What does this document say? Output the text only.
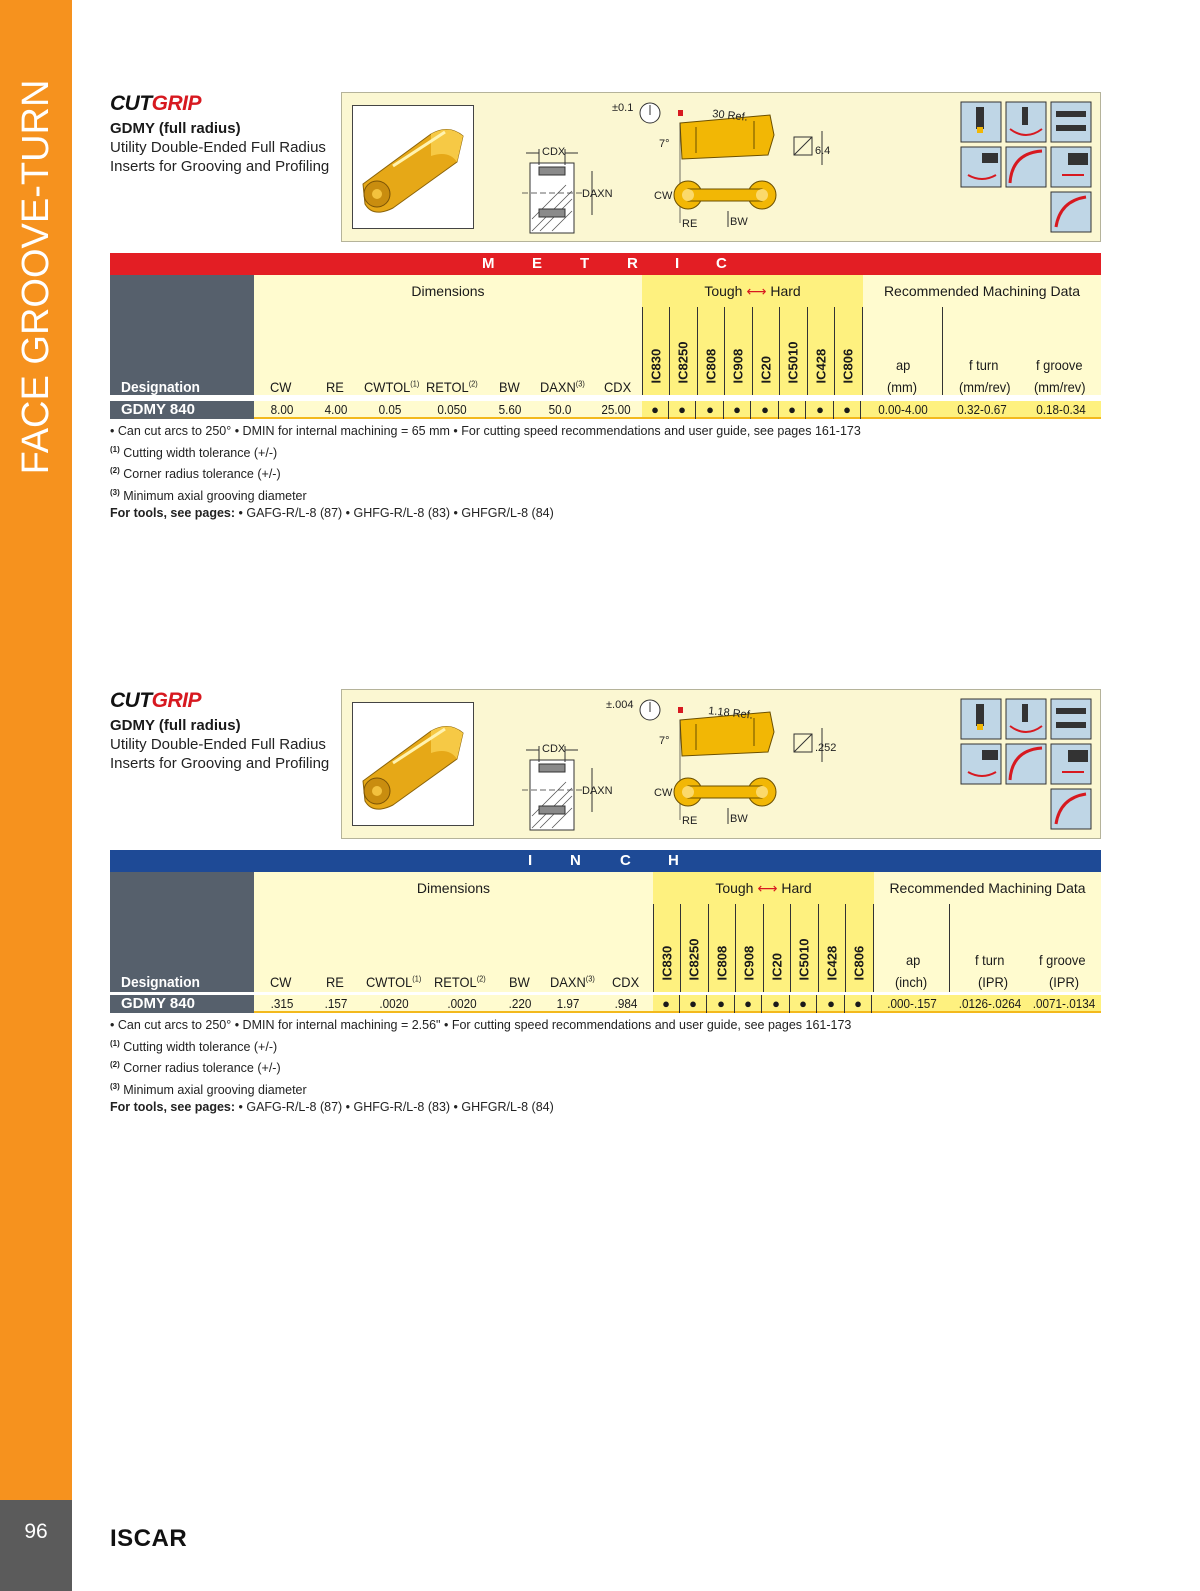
FACE GROOVE-TURN
96	ISCAR
CUTGRIP
GDMY (full radius)
Utility Double-Ended Full Radius Inserts for Grooving and Profiling
CDX
DAXN
±0.1
30 Ref.
7°
6.4
CW
RE	BW
M	E	T	R I C
Designation
Dimensions
CW RE CWTOL$^{(1)}$ RETOL$^{(2)}$ BW DAXN$^{(3)}$ CDX
Tough ⟷ Hard
IC830 IC8250 IC808 IC908 IC20 IC5010 IC428 IC806
Recommended Machining Data
ap
(mm)
f turn
(mm/rev)
f groove
(mm/rev)
GDMY 840	8.00	4.00	0.05	0.050	5.60	50.0	25.00	●	●	●	●	●	●	●	●	0.00-4.00	0.32-0.67	0.18-0.34
• Can cut arcs to 250° • DMIN for internal machining = 65 mm • For cutting speed recommendations and user guide, see pages 161-173
$^{(1)}$ Cutting width tolerance (+/-)
$^{(2)}$ Corner radius tolerance (+/-)
$^{(3)}$ Minimum axial grooving diameter
For tools, see pages: • GAFG-R/L-8 (87) • GHFG-R/L-8 (83) • GHFGR/L-8 (84)
CUTGRIP
GDMY (full radius)
Utility Double-Ended Full Radius Inserts for Grooving and Profiling
CDX
DAXN
±.004
1.18 Ref.
7°
.252
CW
RE	BW
I	N	C H
Designation
Dimensions
CW RE CWTOL$^{(1)}$ RETOL$^{(2)}$ BW DAXN$^{(3)}$ CDX
Tough ⟷ Hard
IC830 IC8250 IC808 IC908 IC20 IC5010 IC428 IC806
Recommended Machining Data
ap
(inch)
f turn
(IPR)
f groove
(IPR)
GDMY 840	.315	.157	.0020	.0020	.220	1.97	.984	●	●	●	●	●	●	●	●	.000-.157	.0126-.0264 .0071-.0134
• Can cut arcs to 250° • DMIN for internal machining = 2.56" • For cutting speed recommendations and user guide, see pages 161-173
$^{(1)}$ Cutting width tolerance (+/-)
$^{(2)}$ Corner radius tolerance (+/-)
$^{(3)}$ Minimum axial grooving diameter
For tools, see pages: • GAFG-R/L-8 (87) • GHFG-R/L-8 (83) • GHFGR/L-8 (84)
